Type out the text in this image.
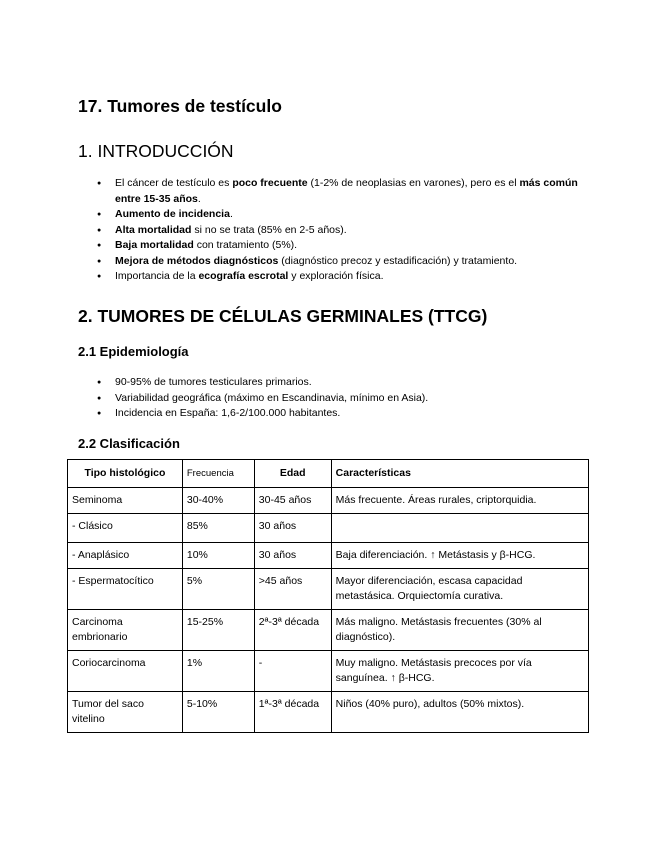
17. Tumores de testículo
1. INTRODUCCIÓN
● El cáncer de testículo es poco frecuente (1-2% de neoplasias en varones), pero es el más común entre 15-35 años.
● Aumento de incidencia.
● Alta mortalidad si no se trata (85% en 2-5 años).
● Baja mortalidad con tratamiento (5%).
● Mejora de métodos diagnósticos (diagnóstico precoz y estadificación) y tratamiento.
● Importancia de la ecografía escrotal y exploración física.
2. TUMORES DE CÉLULAS GERMINALES (TTCG)
2.1 Epidemiología
● 90-95% de tumores testiculares primarios.
● Variabilidad geográfica (máximo en Escandinavia, mínimo en Asia).
● Incidencia en España: 1,6-2/100.000 habitantes.
2.2 Clasificación
Tipo histológico	Frecuencia	Edad	Características
Seminoma	30-40%	30-45 años	Más frecuente. Áreas rurales, criptorquidia.
- Clásico	85%	30 años	
- Anaplásico	10%	30 años	Baja diferenciación. ↑ Metástasis y β-HCG.
- Espermatocítico	5%	>45 años	Mayor diferenciación, escasa capacidad metastásica. Orquiectomía curativa.
Carcinoma embrionario	15-25%	2ª-3ª década	Más maligno. Metástasis frecuentes (30% al diagnóstico).
Coriocarcinoma	1%	-	Muy maligno. Metástasis precoces por vía sanguínea. ↑ β-HCG.
Tumor del saco vitelino	5-10%	1ª-3ª década	Niños (40% puro), adultos (50% mixtos).
